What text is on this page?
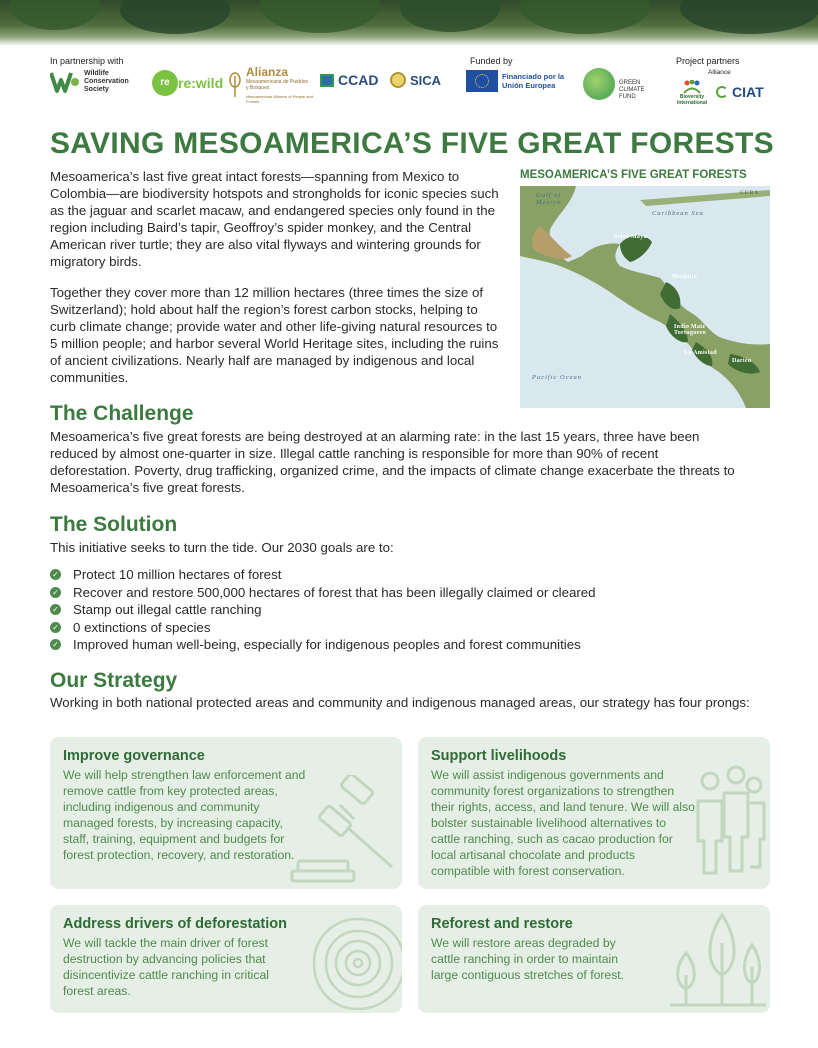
In partnership with	Funded by	Project partners
Alliance
Wildlife Conservation Society
re re:wild
Alianza
Mesoamericana de Pueblos y Bosques
Mesoamerican Alliance of People and Forests
CCAD SICA	Financiado por la Unión Europea	GREEN CLIMATE FUND	Bioversity International
CIAT
SAVING MESOAMERICA’S FIVE GREAT FORESTS
Mesoamerica’s last five great intact forests—spanning from Mexico to Colombia—are biodiversity hotspots and strongholds for iconic species such as the jaguar and scarlet macaw, and endangered species only found in the region including Baird’s tapir, Geoffroy’s spider monkey, and the Central American river turtle; they are also vital flyways and wintering grounds for migratory birds.
Together they cover more than 12 million hectares (three times the size of Switzerland); hold about half the region’s forest carbon stocks, helping to curb climate change; provide water and other life-giving natural resources to 5 million people; and harbor several World Heritage sites, including the ruins of ancient civilizations. Nearly half are managed by indigenous and local communities.
MESOAMERICA’S FIVE GREAT FORESTS
Gulf of México
Caribbean Sea
Pacific Ocean
CUBA
Selva Maya
Moskitia
Indio Maíz Tortuguero
La Amistad
Darién
The Challenge
Mesoamerica’s five great forests are being destroyed at an alarming rate: in the last 15 years, three have been reduced by almost one-quarter in size. Illegal cattle ranching is responsible for more than 90% of recent deforestation. Poverty, drug trafficking, organized crime, and the impacts of climate change exacerbate the threats to Mesoamerica’s five great forests.
The Solution
This initiative seeks to turn the tide. Our 2030 goals are to:
✓ Protect 10 million hectares of forest
✓ Recover and restore 500,000 hectares of forest that has been illegally claimed or cleared
✓ Stamp out illegal cattle ranching
✓ 0 extinctions of species
✓ Improved human well-being, especially for indigenous peoples and forest communities
Our Strategy
Working in both national protected areas and community and indigenous managed areas, our strategy has four prongs:
Improve governance
We will help strengthen law enforcement and remove cattle from key protected areas, including indigenous and community managed forests, by increasing capacity, staff, training, equipment and budgets for forest protection, recovery, and restoration.
Support livelihoods
We will assist indigenous governments and community forest organizations to strengthen their rights, access, and land tenure. We will also bolster sustainable livelihood alternatives to cattle ranching, such as cacao production for local artisanal chocolate and products compatible with forest conservation.
Address drivers of deforestation
We will tackle the main driver of forest destruction by advancing policies that disincentivize cattle ranching in critical forest areas.
Reforest and restore
We will restore areas degraded by cattle ranching in order to maintain large contiguous stretches of forest.
